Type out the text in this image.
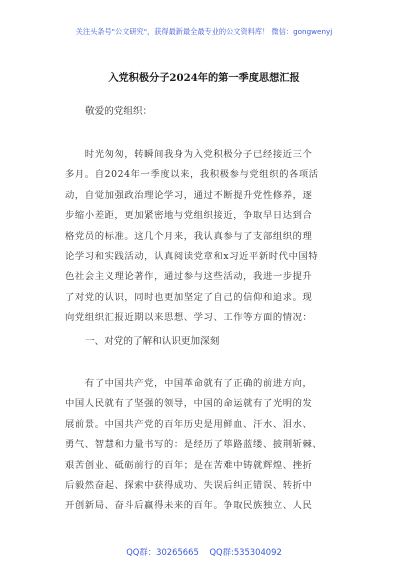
关注头条号"公文研究"，获得最新最全最专业的公文资料库！ 微信：gongwenyj
入党积极分子2024年的第一季度思想汇报
敬爱的党组织：
　　时光匆匆，转瞬间我身为入党积极分子已经接近三个
多月。自2024年一季度以来，我积极参与党组织的各项活
动，自觉加强政治理论学习，通过不断提升党性修养，逐
步缩小差距，更加紧密地与党组织接近，争取早日达到合
格党员的标准。这几个月来，我认真参与了支部组织的理
论学习和实践活动，认真阅读党章和x习近平新时代中国特
色社会主义理论著作，通过参与这些活动，我进一步提升
了对党的认识，同时也更加坚定了自己的信仰和追求。现
向党组织汇报近期以来思想、学习、工作等方面的情况：
一、对党的了解和认识更加深刻
　　有了中国共产党，中国革命就有了正确的前进方向，
中国人民就有了坚强的领导，中国的命运就有了光明的发
展前景。中国共产党的百年历史是用鲜血、汗水、泪水、
勇气、智慧和力量书写的：是经历了筚路蓝缕、披荆斩棘、
艰苦创业、砥砺前行的百年；是在苦难中铸就辉煌、挫折
后毅然奋起、探索中获得成功、失误后纠正错误、转折中
开创新局、奋斗后赢得未来的百年。争取民族独立、人民
QQ群：30265665 QQ群:535304092
